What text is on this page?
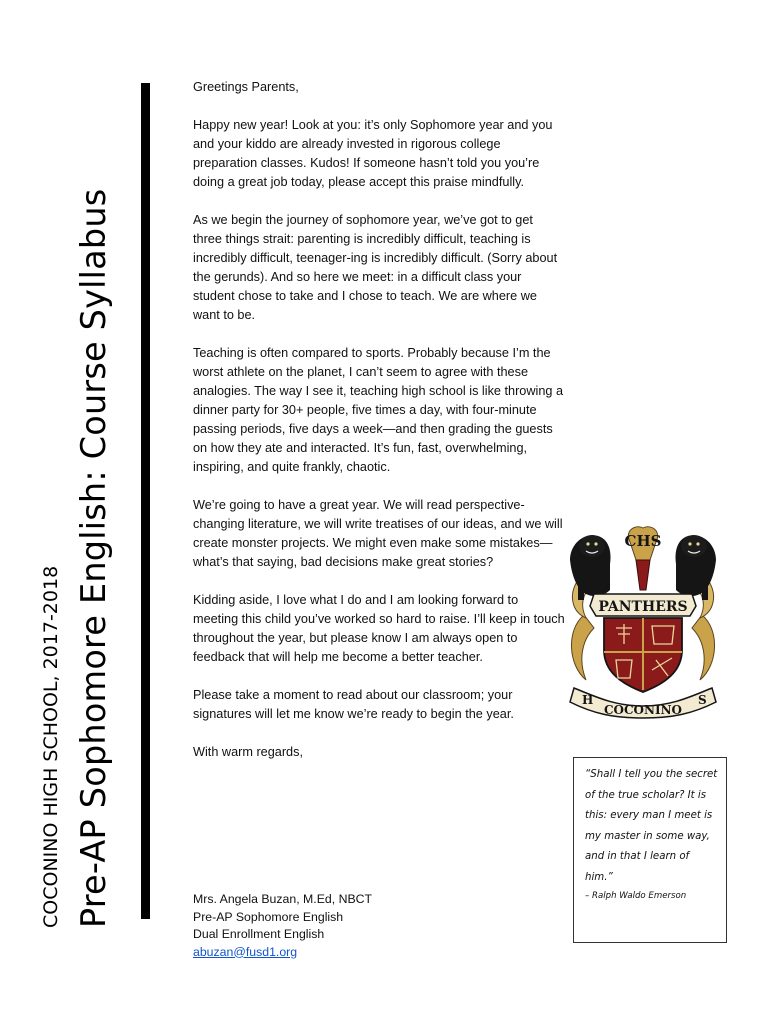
COCONINO HIGH SCHOOL, 2017-2018 Pre-AP Sophomore English: Course Syllabus

Greetings Parents,

Happy new year! Look at you: it’s only Sophomore year and you and your kiddo are already invested in rigorous college preparation classes. Kudos! If someone hasn’t told you you’re doing a great job today, please accept this praise mindfully.

As we begin the journey of sophomore year, we’ve got to get three things strait: parenting is incredibly difficult, teaching is incredibly difficult, teenager-ing is incredibly difficult. (Sorry about the gerunds). And so here we meet: in a difficult class your student chose to take and I chose to teach. We are where we want to be.

Teaching is often compared to sports. Probably because I’m the worst athlete on the planet, I can’t seem to agree with these analogies. The way I see it, teaching high school is like throwing a dinner party for 30+ people, five times a day, with four-minute passing periods, five days a week—and then grading the guests on how they ate and interacted. It’s fun, fast, overwhelming, inspiring, and quite frankly, chaotic.

We’re going to have a great year. We will read perspective-changing literature, we will write treatises of our ideas, and we will create monster projects. We might even make some mistakes—what’s that saying, bad decisions make great stories?

Kidding aside, I love what I do and I am looking forward to meeting this child you’ve worked so hard to raise. I’ll keep in touch throughout the year, but please know I am always open to feedback that will help me become a better teacher.

Please take a moment to read about our classroom; your signatures will let me know we’re ready to begin the year.

With warm regards,

Mrs. Angela Buzan, M.Ed, NBCT
Pre-AP Sophomore English
Dual Enrollment English
abuzan@fusd1.org
CHS
PANTHERS
H
COCONINO
S
“Shall I tell you the secret of the true scholar? It is this: every man I meet is my master in some way, and in that I learn of him.”
– Ralph Waldo Emerson
